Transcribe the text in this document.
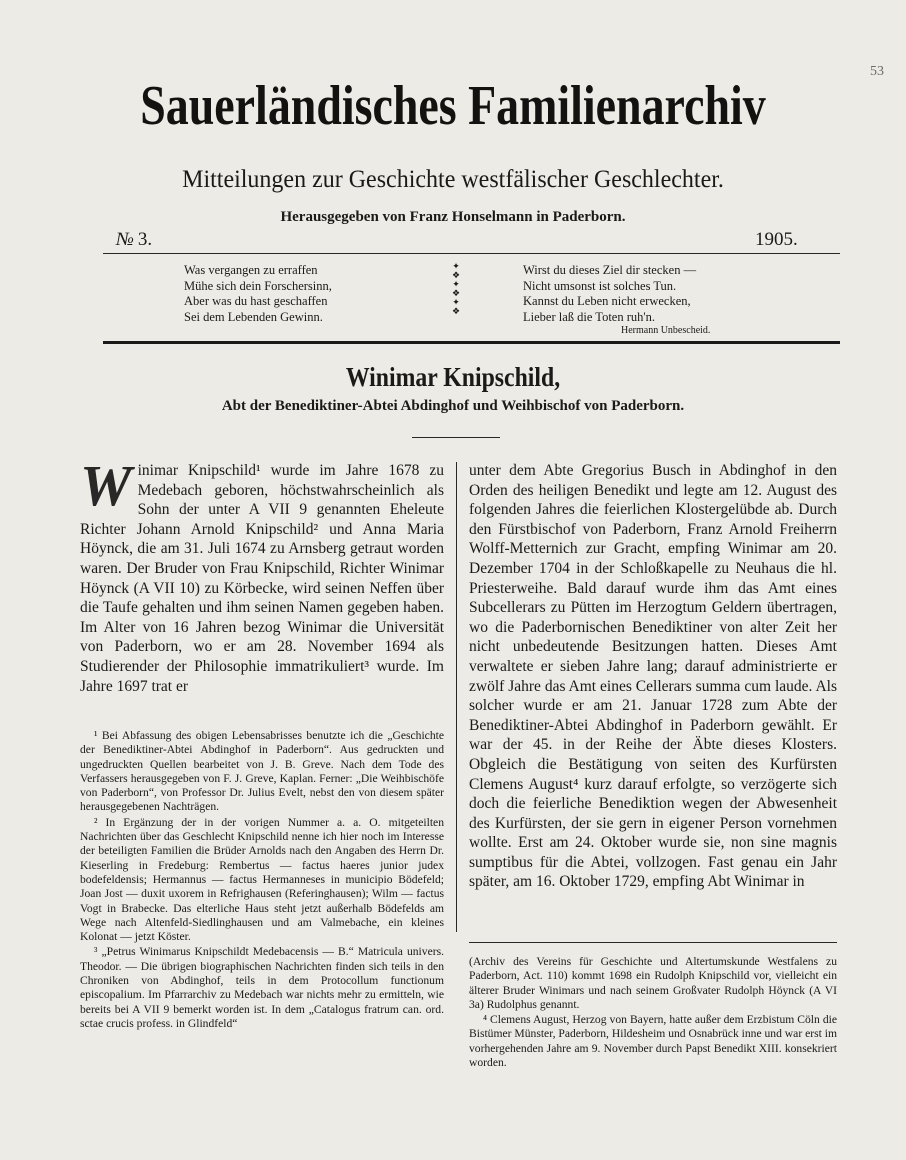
53
Sauerländisches Familienarchiv
Mitteilungen zur Geschichte westfälischer Geschlechter.
Herausgegeben von Franz Honselmann in Paderborn.
№ 3.	1905.
Was vergangen zu erraffen
Mühe sich dein Forschersinn,
Aber was du hast geschaffen
Sei dem Lebenden Gewinn.
✦
❖
✦
❖
✦
❖
Wirst du dieses Ziel dir stecken —
Nicht umsonst ist solches Tun.
Kannst du Leben nicht erwecken,
Lieber laß die Toten ruh'n.
Hermann Unbescheid.
Winimar Knipschild,
Abt der Benediktiner-Abtei Abdinghof und Weihbischof von Paderborn.
W inimar Knipschild¹ wurde im Jahre 1678 zu Medebach geboren, höchstwahrscheinlich als Sohn der unter A VII 9 genannten Eheleute Richter Johann Arnold Knipschild² und Anna Maria Höynck, die am 31. Juli 1674 zu Arnsberg getraut worden waren. Der Bruder von Frau Knipschild, Richter Winimar Höynck (A VII 10) zu Körbecke, wird seinen Neffen über die Taufe gehalten und ihm seinen Namen gegeben haben. Im Alter von 16 Jahren bezog Winimar die Universität von Paderborn, wo er am 28. November 1694 als Studierender der Philosophie immatrikuliert³ wurde. Im Jahre 1697 trat er

unter dem Abte Gregorius Busch in Abdinghof in den Orden des heiligen Benedikt und legte am 12. August des folgenden Jahres die feierlichen Klostergelübde ab. Durch den Fürstbischof von Paderborn, Franz Arnold Freiherrn Wolff-Metternich zur Gracht, empfing Winimar am 20. Dezember 1704 in der Schloßkapelle zu Neuhaus die hl. Priesterweihe. Bald darauf wurde ihm das Amt eines Subcellerars zu Pütten im Herzogtum Geldern übertragen, wo die Paderbornischen Benediktiner von alter Zeit her nicht unbedeutende Besitzungen hatten. Dieses Amt verwaltete er sieben Jahre lang; darauf administrierte er zwölf Jahre das Amt eines Cellerars summa cum laude. Als solcher wurde er am 21. Januar 1728 zum Abte der Benediktiner-Abtei Abdinghof in Paderborn gewählt. Er war der 45. in der Reihe der Äbte dieses Klosters. Obgleich die Bestätigung von seiten des Kurfürsten Clemens August⁴ kurz darauf erfolgte, so verzögerte sich doch die feierliche Benediktion wegen der Abwesenheit des Kurfürsten, der sie gern in eigener Person vornehmen wollte. Erst am 24. Oktober wurde sie, non sine magnis sumptibus für die Abtei, vollzogen. Fast genau ein Jahr später, am 16. Oktober 1729, empfing Abt Winimar in

¹ Bei Abfassung des obigen Lebensabrisses benutzte ich die „Geschichte der Benediktiner-Abtei Abdinghof in Paderborn“. Aus gedruckten und ungedruckten Quellen bearbeitet von J. B. Greve. Nach dem Tode des Verfassers herausgegeben von F. J. Greve, Kaplan. Ferner: „Die Weihbischöfe von Paderborn“, von Professor Dr. Julius Evelt, nebst den von diesem später herausgegebenen Nachträgen.

² In Ergänzung der in der vorigen Nummer a. a. O. mitgeteilten Nachrichten über das Geschlecht Knipschild nenne ich hier noch im Interesse der beteiligten Familien die Brüder Arnolds nach den Angaben des Herrn Dr. Kieserling in Fredeburg: Rembertus — factus haeres junior judex bodefeldensis; Hermannus — factus Hermanneses in municipio Bödefeld; Joan Jost — duxit uxorem in Refrighausen (Referinghausen); Wilm — factus Vogt in Brabecke. Das elterliche Haus steht jetzt außerhalb Bödefelds am Wege nach Altenfeld-Siedlinghausen und am Valmebache, ein kleines Kolonat — jetzt Köster.

³ „Petrus Winimarus Knipschildt Medebacensis — B.“ Matricula univers. Theodor. — Die übrigen biographischen Nachrichten finden sich teils in den Chroniken von Abdinghof, teils in dem Protocollum functionum episcopalium. Im Pfarrarchiv zu Medebach war nichts mehr zu ermitteln, wie bereits bei A VII 9 bemerkt worden ist. In dem „Catalogus fratrum can. ord. sctae crucis profess. in Glindfeld“

(Archiv des Vereins für Geschichte und Altertumskunde Westfalens zu Paderborn, Act. 110) kommt 1698 ein Rudolph Knipschild vor, vielleicht ein älterer Bruder Winimars und nach seinem Großvater Rudolph Höynck (A VI 3a) Rudolphus genannt.

⁴ Clemens August, Herzog von Bayern, hatte außer dem Erzbistum Cöln die Bistümer Münster, Paderborn, Hildesheim und Osnabrück inne und war erst im vorhergehenden Jahre am 9. November durch Papst Benedikt XIII. konsekriert worden.
